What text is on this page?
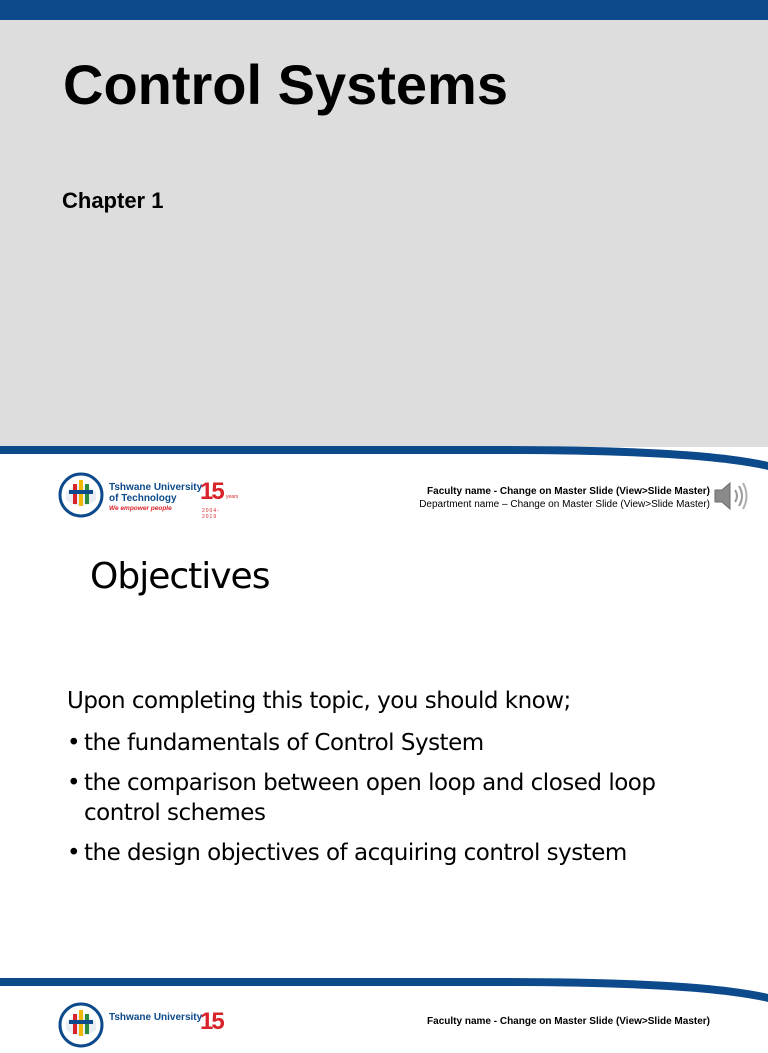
Control Systems
Chapter 1
Tshwane University
of Technology
We empower people
15 years
2004-2019
Faculty name - Change on Master Slide (View>Slide Master)
Department name – Change on Master Slide (View>Slide Master)
Objectives

Upon completing this topic, you should know;

• the fundamentals of Control System
• the comparison between open loop and closed loop control schemes
• the design objectives of acquiring control system
Tshwane University
15	Faculty name - Change on Master Slide (View>Slide Master)
